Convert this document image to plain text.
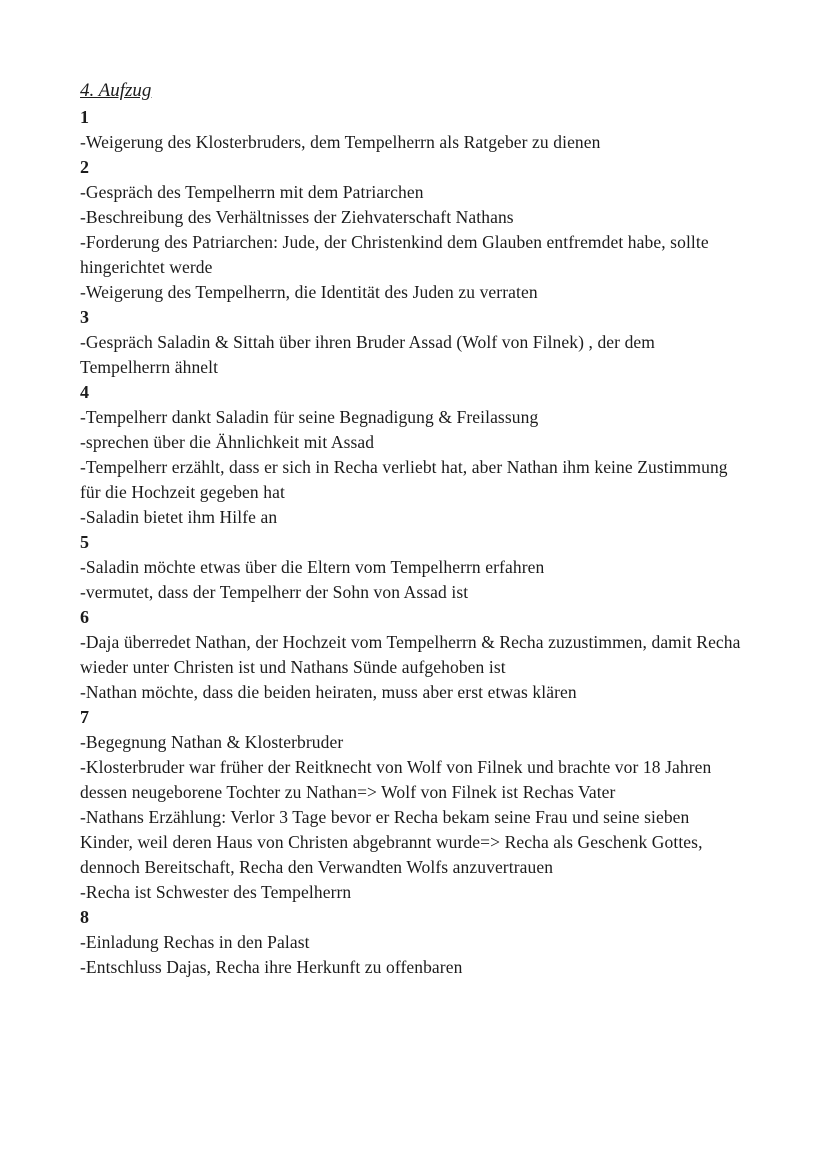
4. Aufzug
1

-Weigerung des Klosterbruders, dem Tempelherrn als Ratgeber zu dienen

2

-Gespräch des Tempelherrn mit dem Patriarchen

-Beschreibung des Verhältnisses der Ziehvaterschaft Nathans

-Forderung des Patriarchen: Jude, der Christenkind dem Glauben entfremdet habe, sollte hingerichtet werde

-Weigerung des Tempelherrn, die Identität des Juden zu verraten

3

-Gespräch Saladin & Sittah über ihren Bruder Assad (Wolf von Filnek) , der dem Tempelherrn ähnelt

4

-Tempelherr dankt Saladin für seine Begnadigung & Freilassung

-sprechen über die Ähnlichkeit mit Assad

-Tempelherr erzählt, dass er sich in Recha verliebt hat, aber Nathan ihm keine Zustimmung für die Hochzeit gegeben hat

-Saladin bietet ihm Hilfe an

5

-Saladin möchte etwas über die Eltern vom Tempelherrn erfahren

-vermutet, dass der Tempelherr der Sohn von Assad ist

6

-Daja überredet Nathan, der Hochzeit vom Tempelherrn & Recha zuzustimmen, damit Recha wieder unter Christen ist und Nathans Sünde aufgehoben ist

-Nathan möchte, dass die beiden heiraten, muss aber erst etwas klären

7

-Begegnung Nathan & Klosterbruder

-Klosterbruder war früher der Reitknecht von Wolf von Filnek und brachte vor 18 Jahren dessen neugeborene Tochter zu Nathan=> Wolf von Filnek ist Rechas Vater

-Nathans Erzählung: Verlor 3 Tage bevor er Recha bekam seine Frau und seine sieben Kinder, weil deren Haus von Christen abgebrannt wurde=> Recha als Geschenk Gottes, dennoch Bereitschaft, Recha den Verwandten Wolfs anzuvertrauen

-Recha ist Schwester des Tempelherrn

8

-Einladung Rechas in den Palast

-Entschluss Dajas, Recha ihre Herkunft zu offenbaren
